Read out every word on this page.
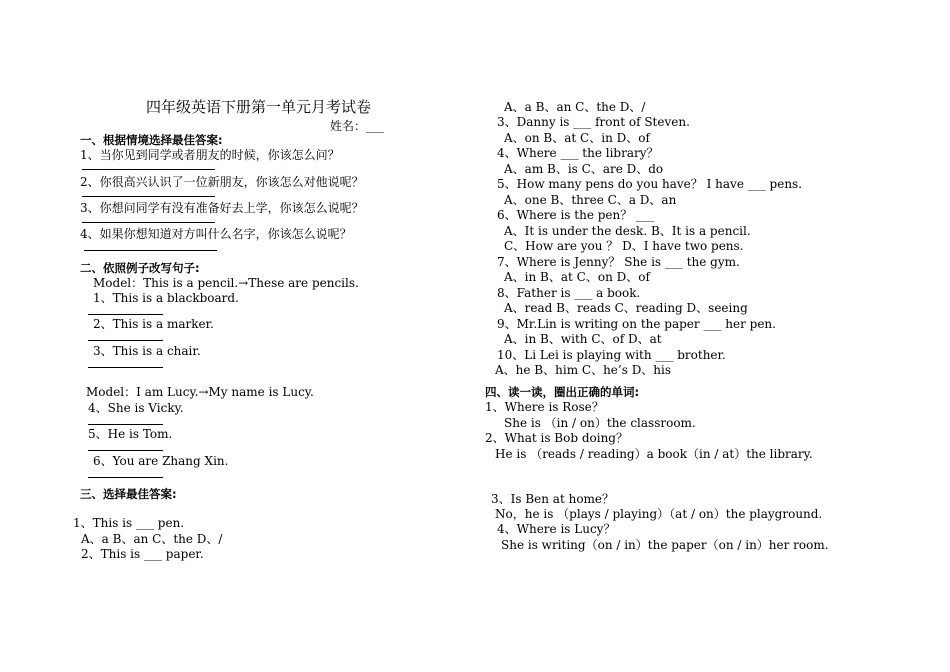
四年级英语下册第一单元月考试卷
姓名：___
一、根据情境选择最佳答案:
1、当你见到同学或者朋友的时候，你该怎么问？
2、你很高兴认识了一位新朋友，你该怎么对他说呢？
3、你想问同学有没有准备好去上学，你该怎么说呢？
4、如果你想知道对方叫什么名字，你该怎么说呢？
二、依照例子改写句子:
Model：This is a pencil.→These are pencils.
1、This is a blackboard.
2、This is a marker.
3、This is a chair.
Model：I am Lucy.→My name is Lucy.
4、She is Vicky.
5、He is Tom.
6、You are Zhang Xin.
三、选择最佳答案:
1、This is ___ pen.
A、a B、an C、the D、/
2、This is ___ paper.
A、a B、an C、the D、/
3、Danny is ___ front of Steven.
A、on B、at C、in D、of
4、Where ___ the library？
A、am B、is C、are D、do
5、How many pens do you have？ I have ___ pens.
A、one B、three C、a D、an
6、Where is the pen？ ___
A、It is under the desk. B、It is a pencil.
C、How are you ？ D、I have two pens.
7、Where is Jenny？ She is ___ the gym.
A、in B、at C、on D、of
8、Father is ___ a book.
A、read B、reads C、reading D、seeing
9、Mr.Lin is writing on the paper ___ her pen.
A、in B、with C、of D、at
10、Li Lei is playing with ___ brother.
A、he B、him C、he’s D、his
四、读一读，圈出正确的单词:
1、Where is Rose？
She is （in / on）the classroom.
2、What is Bob doing？
He is （reads / reading）a book（in / at）the library.
3、Is Ben at home？
No，he is （plays / playing）（at / on）the playground.
4、Where is Lucy？
She is writing（on / in）the paper（on / in）her room.
